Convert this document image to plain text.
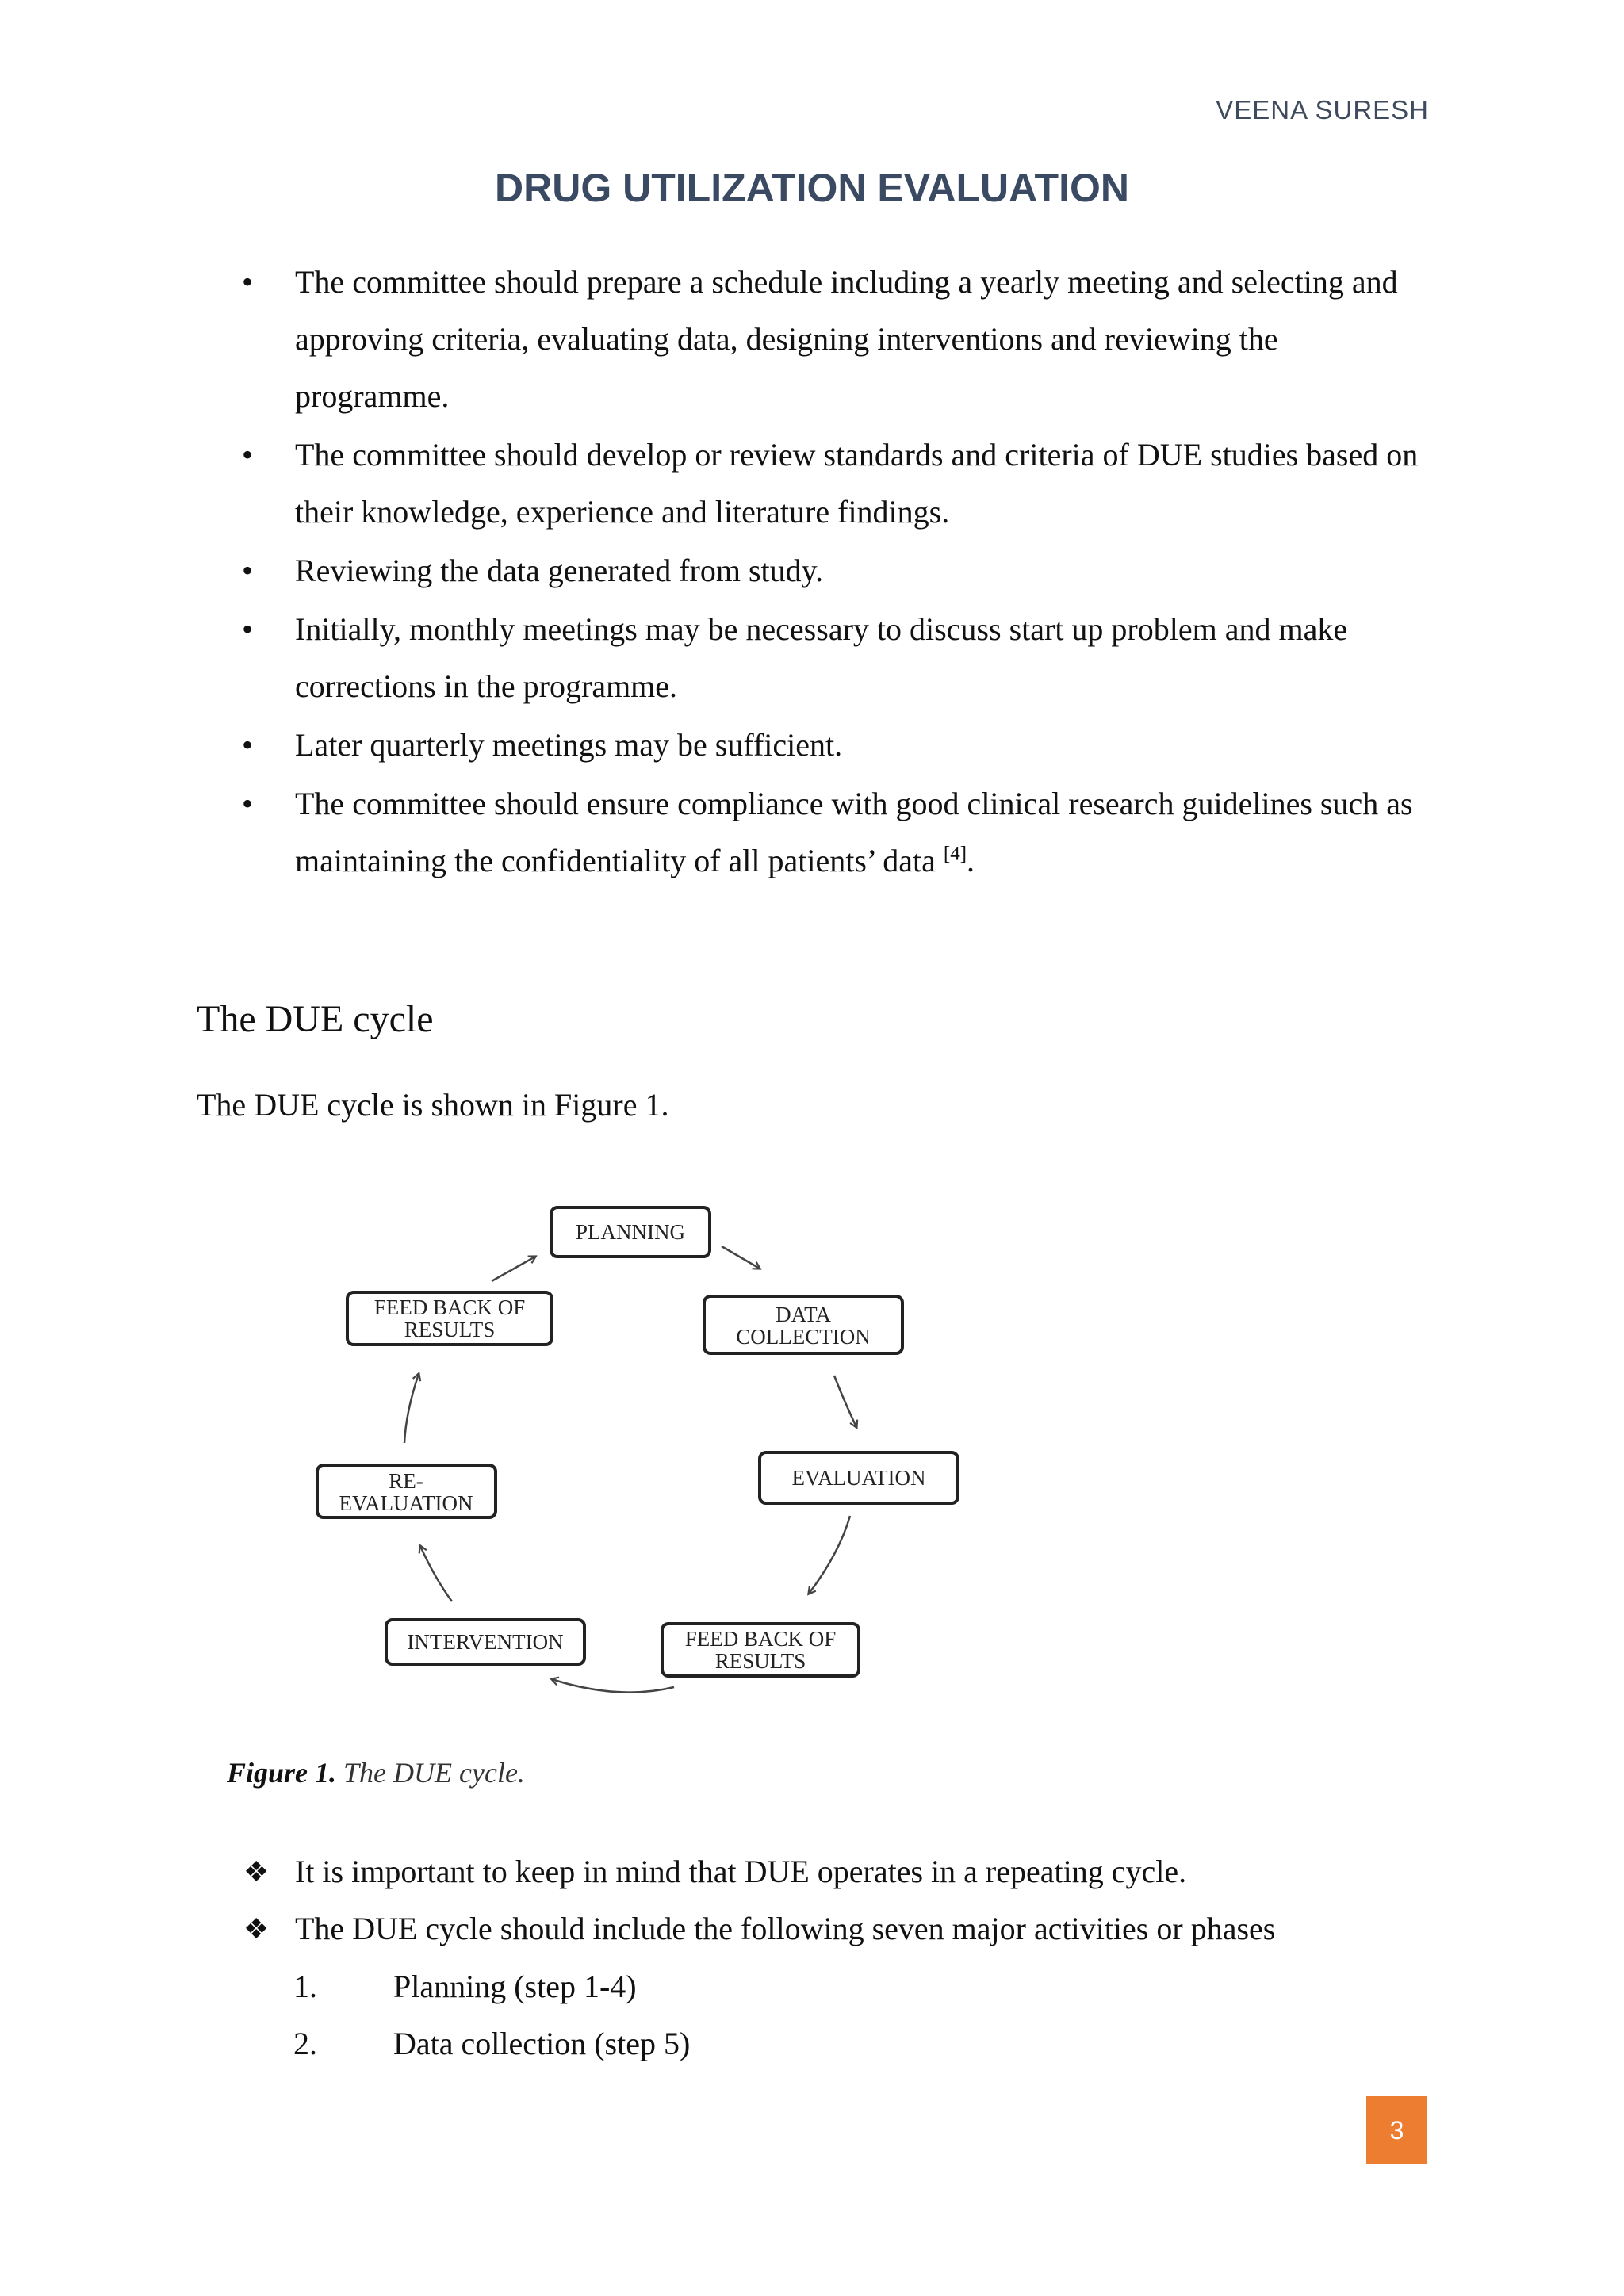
VEENA SURESH
DRUG UTILIZATION EVALUATION
• The committee should prepare a schedule including a yearly meeting and selecting and approving criteria, evaluating data, designing interventions and reviewing the programme.
• The committee should develop or review standards and criteria of DUE studies based on their knowledge, experience and literature findings.
• Reviewing the data generated from study.
• Initially, monthly meetings may be necessary to discuss start up problem and make corrections in the programme.
• Later quarterly meetings may be sufficient.
• The committee should ensure compliance with good clinical research guidelines such as maintaining the confidentiality of all patients’ data [4].
The DUE cycle
The DUE cycle is shown in Figure 1.
PLANNING
DATA
COLLECTION
EVALUATION
FEED BACK OF
RESULTS
INTERVENTION
RE-
EVALUATION
FEED BACK OF
RESULTS
Figure 1. The DUE cycle.
❖ It is important to keep in mind that DUE operates in a repeating cycle.
❖ The DUE cycle should include the following seven major activities or phases
1. Planning (step 1-4)
2. Data collection (step 5)
3
